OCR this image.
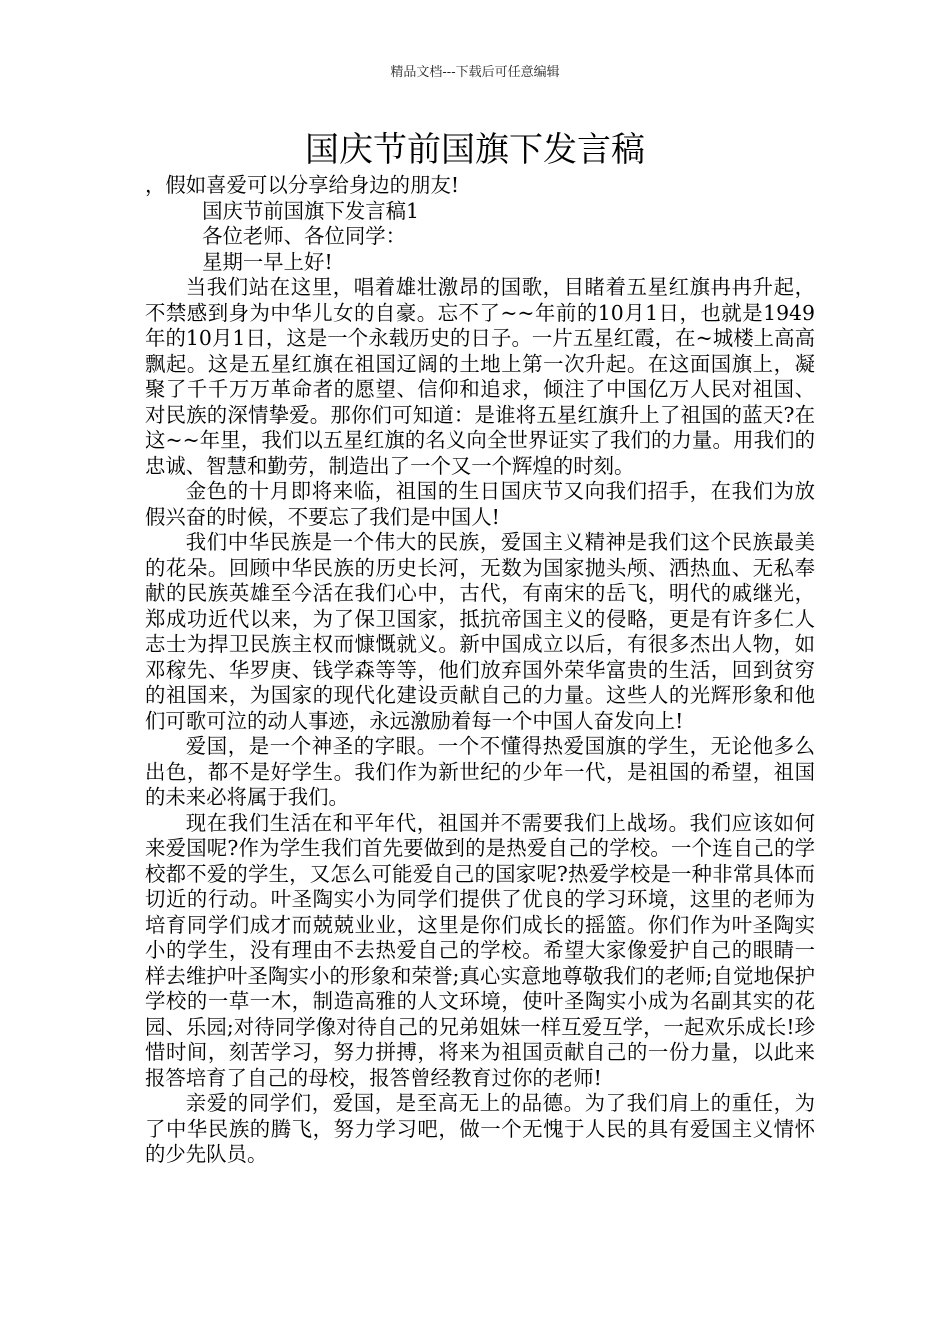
精品文档---下载后可任意编辑
国庆节前国旗下发言稿

，假如喜爱可以分享给身边的朋友!

国庆节前国旗下发言稿1

各位老师、各位同学：

星期一早上好!

当我们站在这里，唱着雄壮激昂的国歌，目睹着五星红旗冉冉升起，不禁感到身为中华儿女的自豪。忘不了~~年前的10月1日，也就是1949年的10月1日，这是一个永载历史的日子。一片五星红霞，在~城楼上高高飘起。这是五星红旗在祖国辽阔的土地上第一次升起。在这面国旗上，凝聚了千千万万革命者的愿望、信仰和追求，倾注了中国亿万人民对祖国、对民族的深情挚爱。那你们可知道：是谁将五星红旗升上了祖国的蓝天?在这~~年里，我们以五星红旗的名义向全世界证实了我们的力量。用我们的忠诚、智慧和勤劳，制造出了一个又一个辉煌的时刻。

金色的十月即将来临，祖国的生日国庆节又向我们招手，在我们为放假兴奋的时候，不要忘了我们是中国人!

我们中华民族是一个伟大的民族，爱国主义精神是我们这个民族最美的花朵。回顾中华民族的历史长河，无数为国家抛头颅、洒热血、无私奉献的民族英雄至今活在我们心中，古代，有南宋的岳飞，明代的戚继光，郑成功近代以来，为了保卫国家，抵抗帝国主义的侵略，更是有许多仁人志士为捍卫民族主权而慷慨就义。新中国成立以后，有很多杰出人物，如邓稼先、华罗庚、钱学森等等，他们放弃国外荣华富贵的生活，回到贫穷的祖国来，为国家的现代化建设贡献自己的力量。这些人的光辉形象和他们可歌可泣的动人事迹，永远激励着每一个中国人奋发向上!

爱国，是一个神圣的字眼。一个不懂得热爱国旗的学生，无论他多么出色，都不是好学生。我们作为新世纪的少年一代，是祖国的希望，祖国的未来必将属于我们。

现在我们生活在和平年代，祖国并不需要我们上战场。我们应该如何来爱国呢?作为学生我们首先要做到的是热爱自己的学校。一个连自己的学校都不爱的学生，又怎么可能爱自己的国家呢?热爱学校是一种非常具体而切近的行动。叶圣陶实小为同学们提供了优良的学习环境，这里的老师为培育同学们成才而兢兢业业，这里是你们成长的摇篮。你们作为叶圣陶实小的学生，没有理由不去热爱自己的学校。希望大家像爱护自己的眼睛一样去维护叶圣陶实小的形象和荣誉;真心实意地尊敬我们的老师;自觉地保护学校的一草一木，制造高雅的人文环境，使叶圣陶实小成为名副其实的花园、乐园;对待同学像对待自己的兄弟姐妹一样互爱互学，一起欢乐成长!珍惜时间，刻苦学习，努力拼搏，将来为祖国贡献自己的一份力量，以此来报答培育了自己的母校，报答曾经教育过你的老师!

亲爱的同学们，爱国，是至高无上的品德。为了我们肩上的重任，为了中华民族的腾飞，努力学习吧，做一个无愧于人民的具有爱国主义情怀的少先队员。
